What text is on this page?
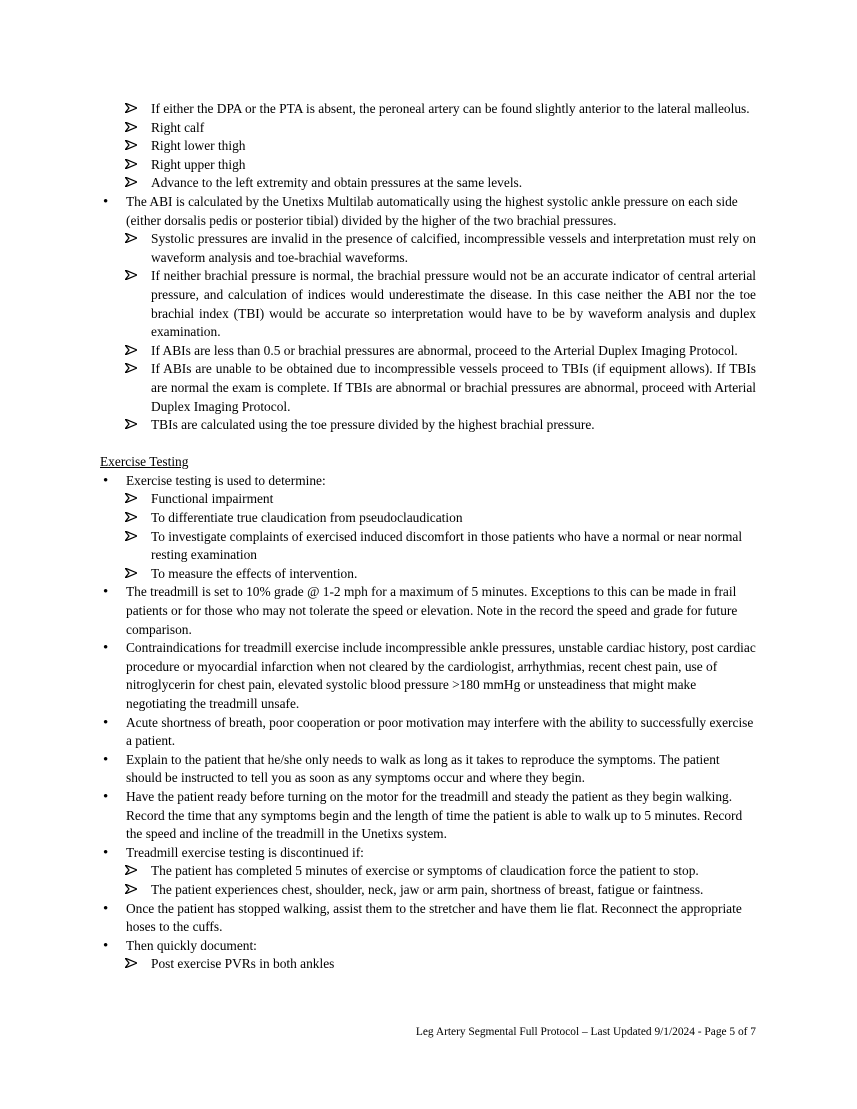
If either the DPA or the PTA is absent, the peroneal artery can be found slightly anterior to the lateral malleolus.
Right calf
Right lower thigh
Right upper thigh
Advance to the left extremity and obtain pressures at the same levels.
• The ABI is calculated by the Unetixs Multilab automatically using the highest systolic ankle pressure on each side (either dorsalis pedis or posterior tibial) divided by the higher of the two brachial pressures.
Systolic pressures are invalid in the presence of calcified, incompressible vessels and interpretation must rely on waveform analysis and toe-brachial waveforms.
If neither brachial pressure is normal, the brachial pressure would not be an accurate indicator of central arterial pressure, and calculation of indices would underestimate the disease. In this case neither the ABI nor the toe brachial index (TBI) would be accurate so interpretation would have to be by waveform analysis and duplex examination.
If ABIs are less than 0.5 or brachial pressures are abnormal, proceed to the Arterial Duplex Imaging Protocol.
If ABIs are unable to be obtained due to incompressible vessels proceed to TBIs (if equipment allows). If TBIs are normal the exam is complete. If TBIs are abnormal or brachial pressures are abnormal, proceed with Arterial Duplex Imaging Protocol.
TBIs are calculated using the toe pressure divided by the highest brachial pressure.
Exercise Testing
• Exercise testing is used to determine:
Functional impairment
To differentiate true claudication from pseudoclaudication
To investigate complaints of exercised induced discomfort in those patients who have a normal or near normal resting examination
To measure the effects of intervention.
• The treadmill is set to 10% grade @ 1-2 mph for a maximum of 5 minutes. Exceptions to this can be made in frail patients or for those who may not tolerate the speed or elevation. Note in the record the speed and grade for future comparison.
• Contraindications for treadmill exercise include incompressible ankle pressures, unstable cardiac history, post cardiac procedure or myocardial infarction when not cleared by the cardiologist, arrhythmias, recent chest pain, use of nitroglycerin for chest pain, elevated systolic blood pressure >180 mmHg or unsteadiness that might make negotiating the treadmill unsafe.
• Acute shortness of breath, poor cooperation or poor motivation may interfere with the ability to successfully exercise a patient.
• Explain to the patient that he/she only needs to walk as long as it takes to reproduce the symptoms. The patient should be instructed to tell you as soon as any symptoms occur and where they begin.
• Have the patient ready before turning on the motor for the treadmill and steady the patient as they begin walking. Record the time that any symptoms begin and the length of time the patient is able to walk up to 5 minutes. Record the speed and incline of the treadmill in the Unetixs system.
• Treadmill exercise testing is discontinued if:
The patient has completed 5 minutes of exercise or symptoms of claudication force the patient to stop.
The patient experiences chest, shoulder, neck, jaw or arm pain, shortness of breast, fatigue or faintness.
• Once the patient has stopped walking, assist them to the stretcher and have them lie flat. Reconnect the appropriate hoses to the cuffs.
• Then quickly document:
Post exercise PVRs in both ankles
Leg Artery Segmental Full Protocol – Last Updated 9/1/2024 - Page 5 of 7
